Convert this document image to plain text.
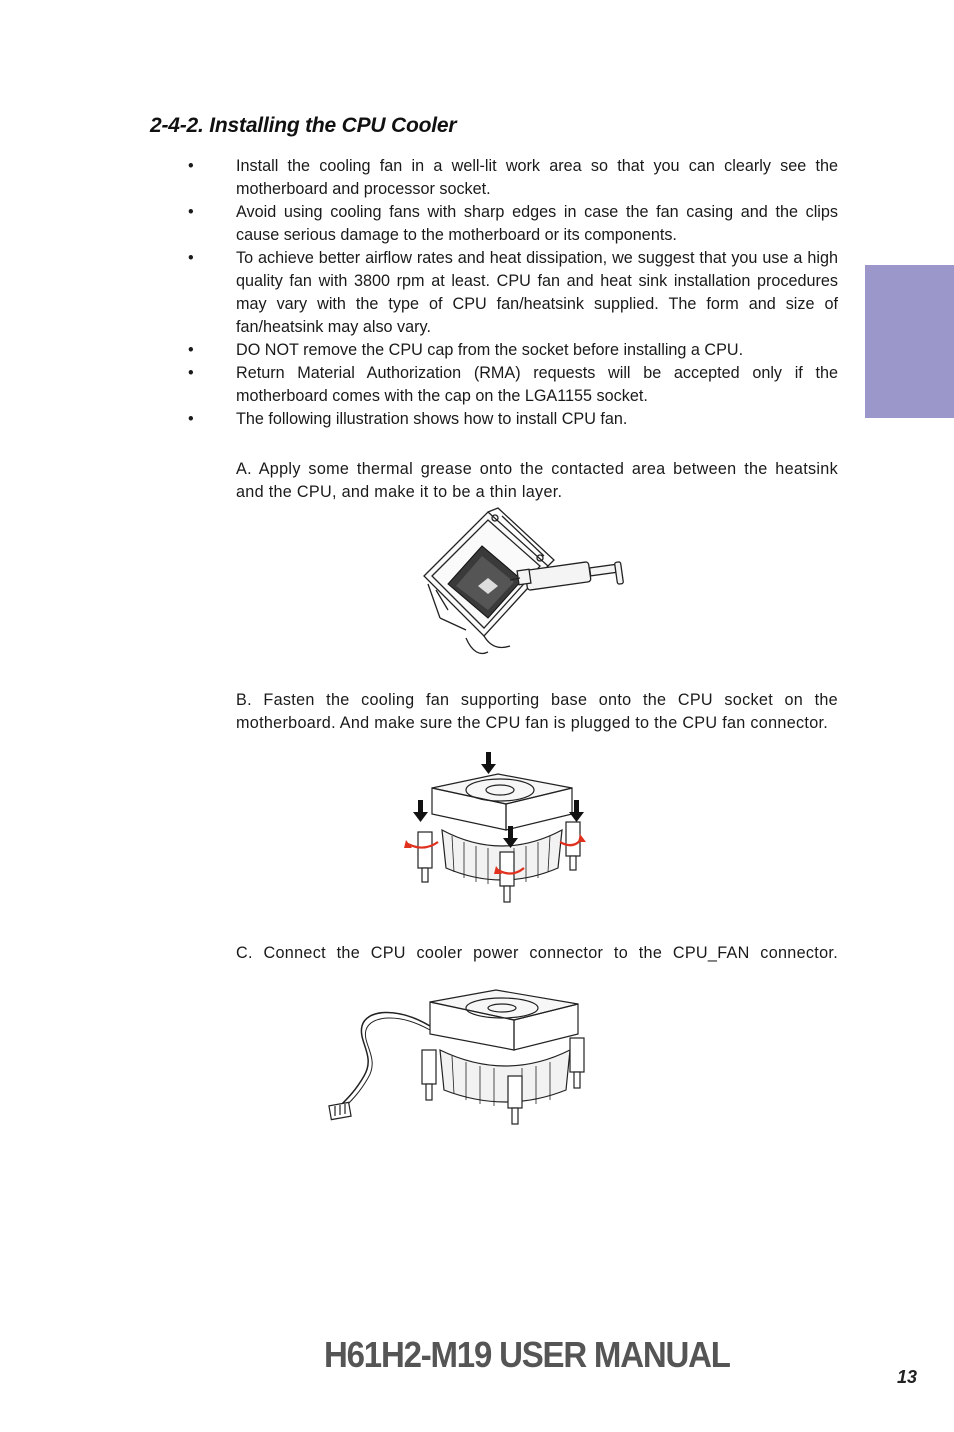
2-4-2. Installing the CPU Cooler
•	Install the cooling fan in a well-lit work area so that you can clearly see the motherboard and processor socket.
•	Avoid using cooling fans with sharp edges in case the fan casing and the clips cause serious damage to the motherboard or its components.
•	To achieve better airflow rates and heat dissipation, we suggest that you use a high quality fan with 3800 rpm at least. CPU fan and heat sink installation procedures may vary with the type of CPU fan/heatsink supplied. The form and size of fan/heatsink may also vary.
•	DO NOT remove the CPU cap from the socket before installing a CPU.
•	Return Material Authorization (RMA) requests will be accepted only if the motherboard comes with the cap on the LGA1155 socket.
•	The following illustration shows how to install CPU fan.
A. Apply some thermal grease onto the contacted area between the heatsink and the CPU, and make it to be a thin layer.
B. Fasten the cooling fan supporting base onto the CPU socket on the motherboard. And make sure the CPU fan is plugged to the CPU fan connector.
C. Connect the CPU cooler power connector to the CPU_FAN connector.
H61H2-M19 USER MANUAL
13
